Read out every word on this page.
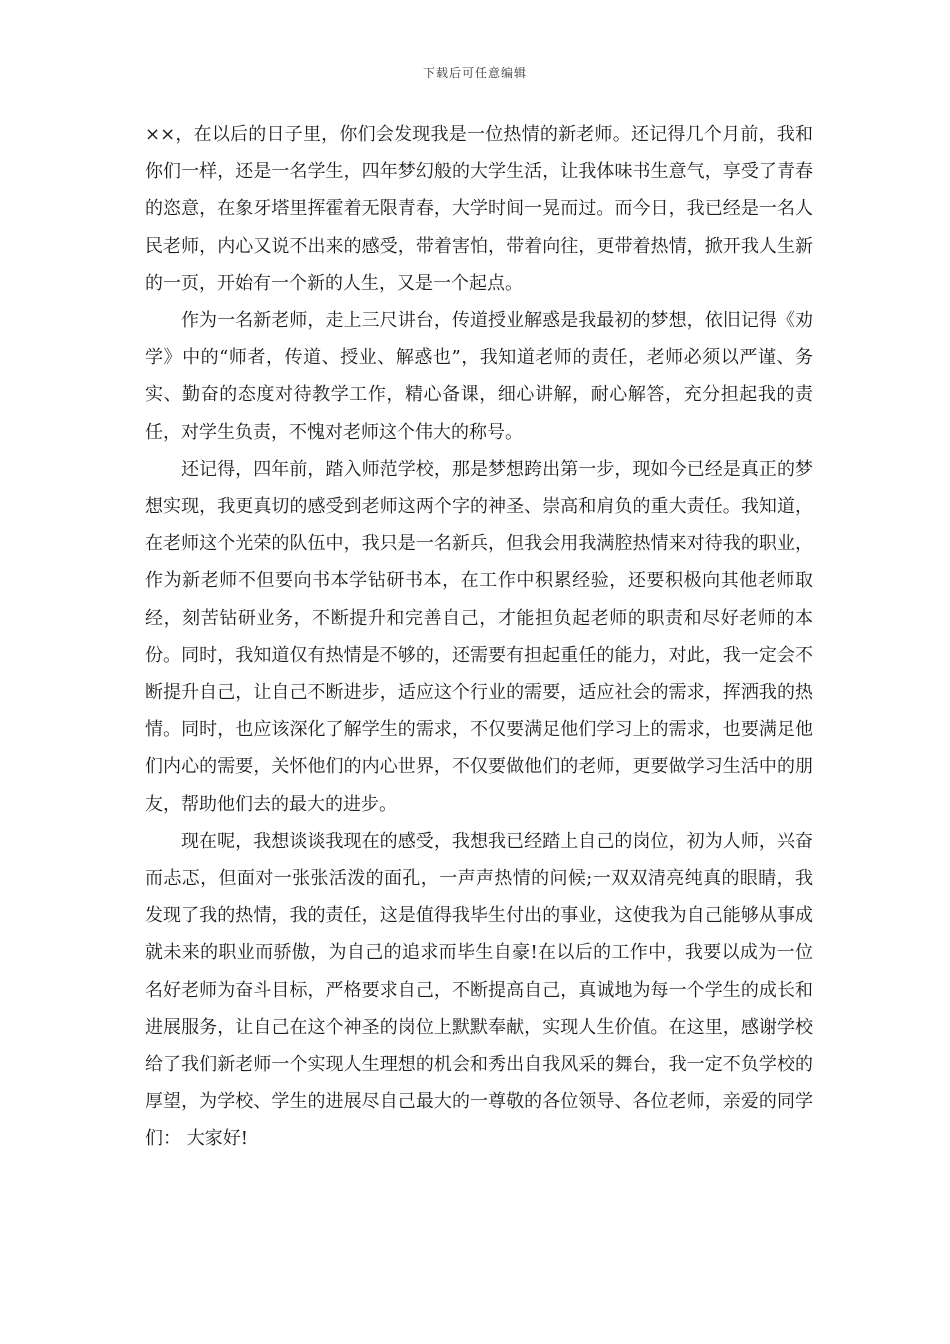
下载后可任意编辑

××，在以后的日子里，你们会发现我是一位热情的新老师。还记得几个月前，我和你们一样，还是一名学生，四年梦幻般的大学生活，让我体味书生意气，享受了青春的恣意，在象牙塔里挥霍着无限青春，大学时间一晃而过。而今日，我已经是一名人民老师，内心又说不出来的感受，带着害怕，带着向往，更带着热情，掀开我人生新的一页，开始有一个新的人生，又是一个起点。

作为一名新老师，走上三尺讲台，传道授业解惑是我最初的梦想，依旧记得《劝学》中的“师者，传道、授业、解惑也”，我知道老师的责任，老师必须以严谨、务实、勤奋的态度对待教学工作，精心备课，细心讲解，耐心解答，充分担起我的责任，对学生负责，不愧对老师这个伟大的称号。

还记得，四年前，踏入师范学校，那是梦想跨出第一步，现如今已经是真正的梦想实现，我更真切的感受到老师这两个字的神圣、崇高和肩负的重大责任。我知道，在老师这个光荣的队伍中，我只是一名新兵，但我会用我满腔热情来对待我的职业，作为新老师不但要向书本学钻研书本，在工作中积累经验，还要积极向其他老师取经，刻苦钻研业务，不断提升和完善自己，才能担负起老师的职责和尽好老师的本份。同时，我知道仅有热情是不够的，还需要有担起重任的能力，对此，我一定会不断提升自己，让自己不断进步，适应这个行业的需要，适应社会的需求，挥洒我的热情。同时，也应该深化了解学生的需求，不仅要满足他们学习上的需求，也要满足他们内心的需要，关怀他们的内心世界，不仅要做他们的老师，更要做学习生活中的朋友，帮助他们去的最大的进步。

现在呢，我想谈谈我现在的感受，我想我已经踏上自己的岗位，初为人师，兴奋而忐忑，但面对一张张活泼的面孔，一声声热情的问候;一双双清亮纯真的眼睛，我发现了我的热情，我的责任，这是值得我毕生付出的事业，这使我为自己能够从事成就未来的职业而骄傲，为自己的追求而毕生自豪!在以后的工作中，我要以成为一位名好老师为奋斗目标，严格要求自己，不断提高自己，真诚地为每一个学生的成长和进展服务，让自己在这个神圣的岗位上默默奉献，实现人生价值。在这里，感谢学校给了我们新老师一个实现人生理想的机会和秀出自我风采的舞台，我一定不负学校的厚望，为学校、学生的进展尽自己最大的一尊敬的各位领导、各位老师，亲爱的同学们： 大家好!
